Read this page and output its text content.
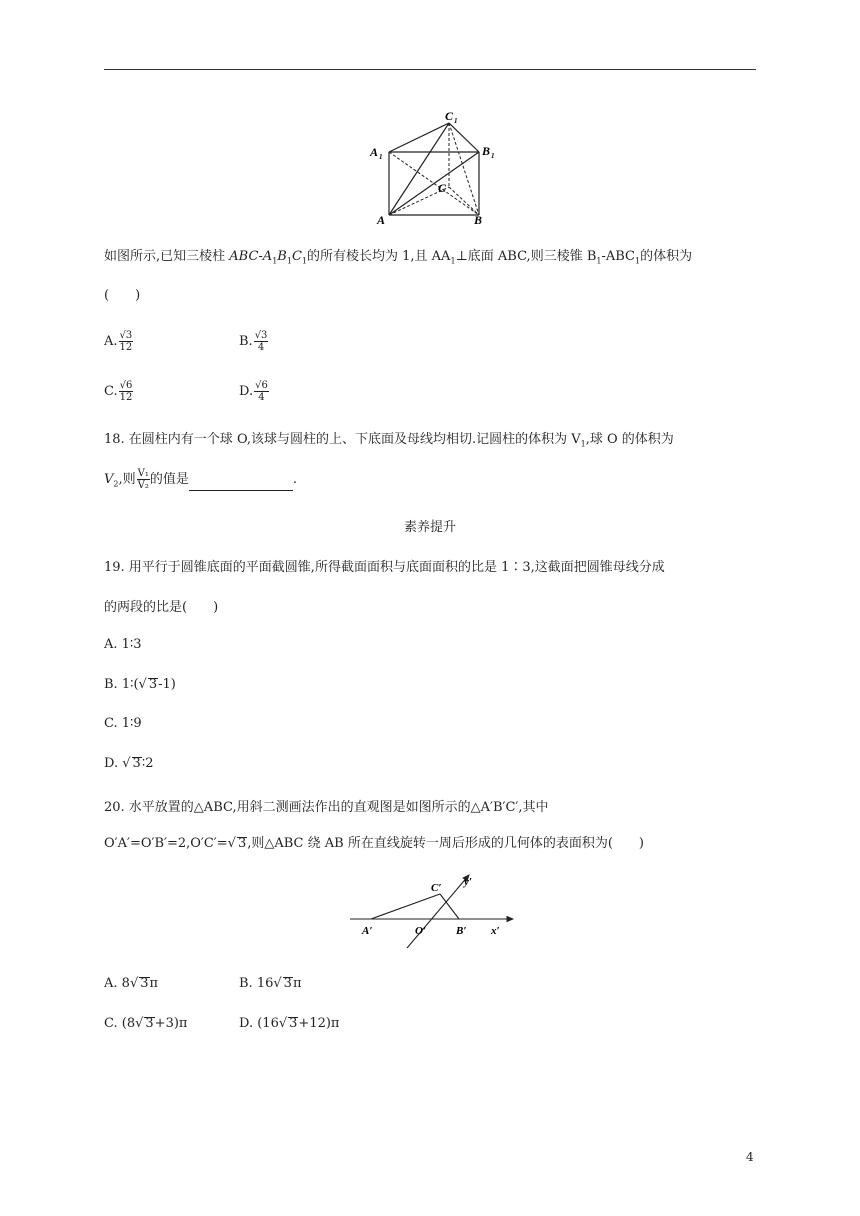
A 1
C 1
B 1
A	B
C
如图所示,已知三棱柱 ABC-$A_1B_1C_1$的所有棱长均为 1,且 $AA_1\perp$底面 ABC,则三棱锥 $B_1-ABC_1$的体积为
(　　)
A. $\frac{√3}{12}$	B. $\frac{√3}{4}$
C. $\frac{√6}{12}$	D. $\frac{√6}{4}$
18. 在圆柱内有一个球 O,该球与圆柱的上、下底面及母线均相切.记圆柱的体积为 $V_1$,球 O 的体积为
$V_2$,则 $\frac{\text{V₁}}{\text{V₂}}$ 的值是	.
素养提升
19. 用平行于圆锥底面的平面截圆锥,所得截面面积与底面面积的比是 1∶3,这截面把圆锥母线分成
的两段的比是(　　)
A. 1∶3
B. 1∶(√ 3-1)
C. 1∶9
D. √ 3∶2
20. 水平放置的△ABC,用斜二测画法作出的直观图是如图所示的△A′B′C′,其中
O′A′=O′B′=2,O′C′=√ 3,则△ABC 绕 AB 所在直线旋转一周后形成的几何体的表面积为(　　)
A′	O′	B′
C′
x′
y′
A. 8√ 3π	B. 16√ 3π
C. (8√ 3+3)π	D. (16√ 3+12)π
4
